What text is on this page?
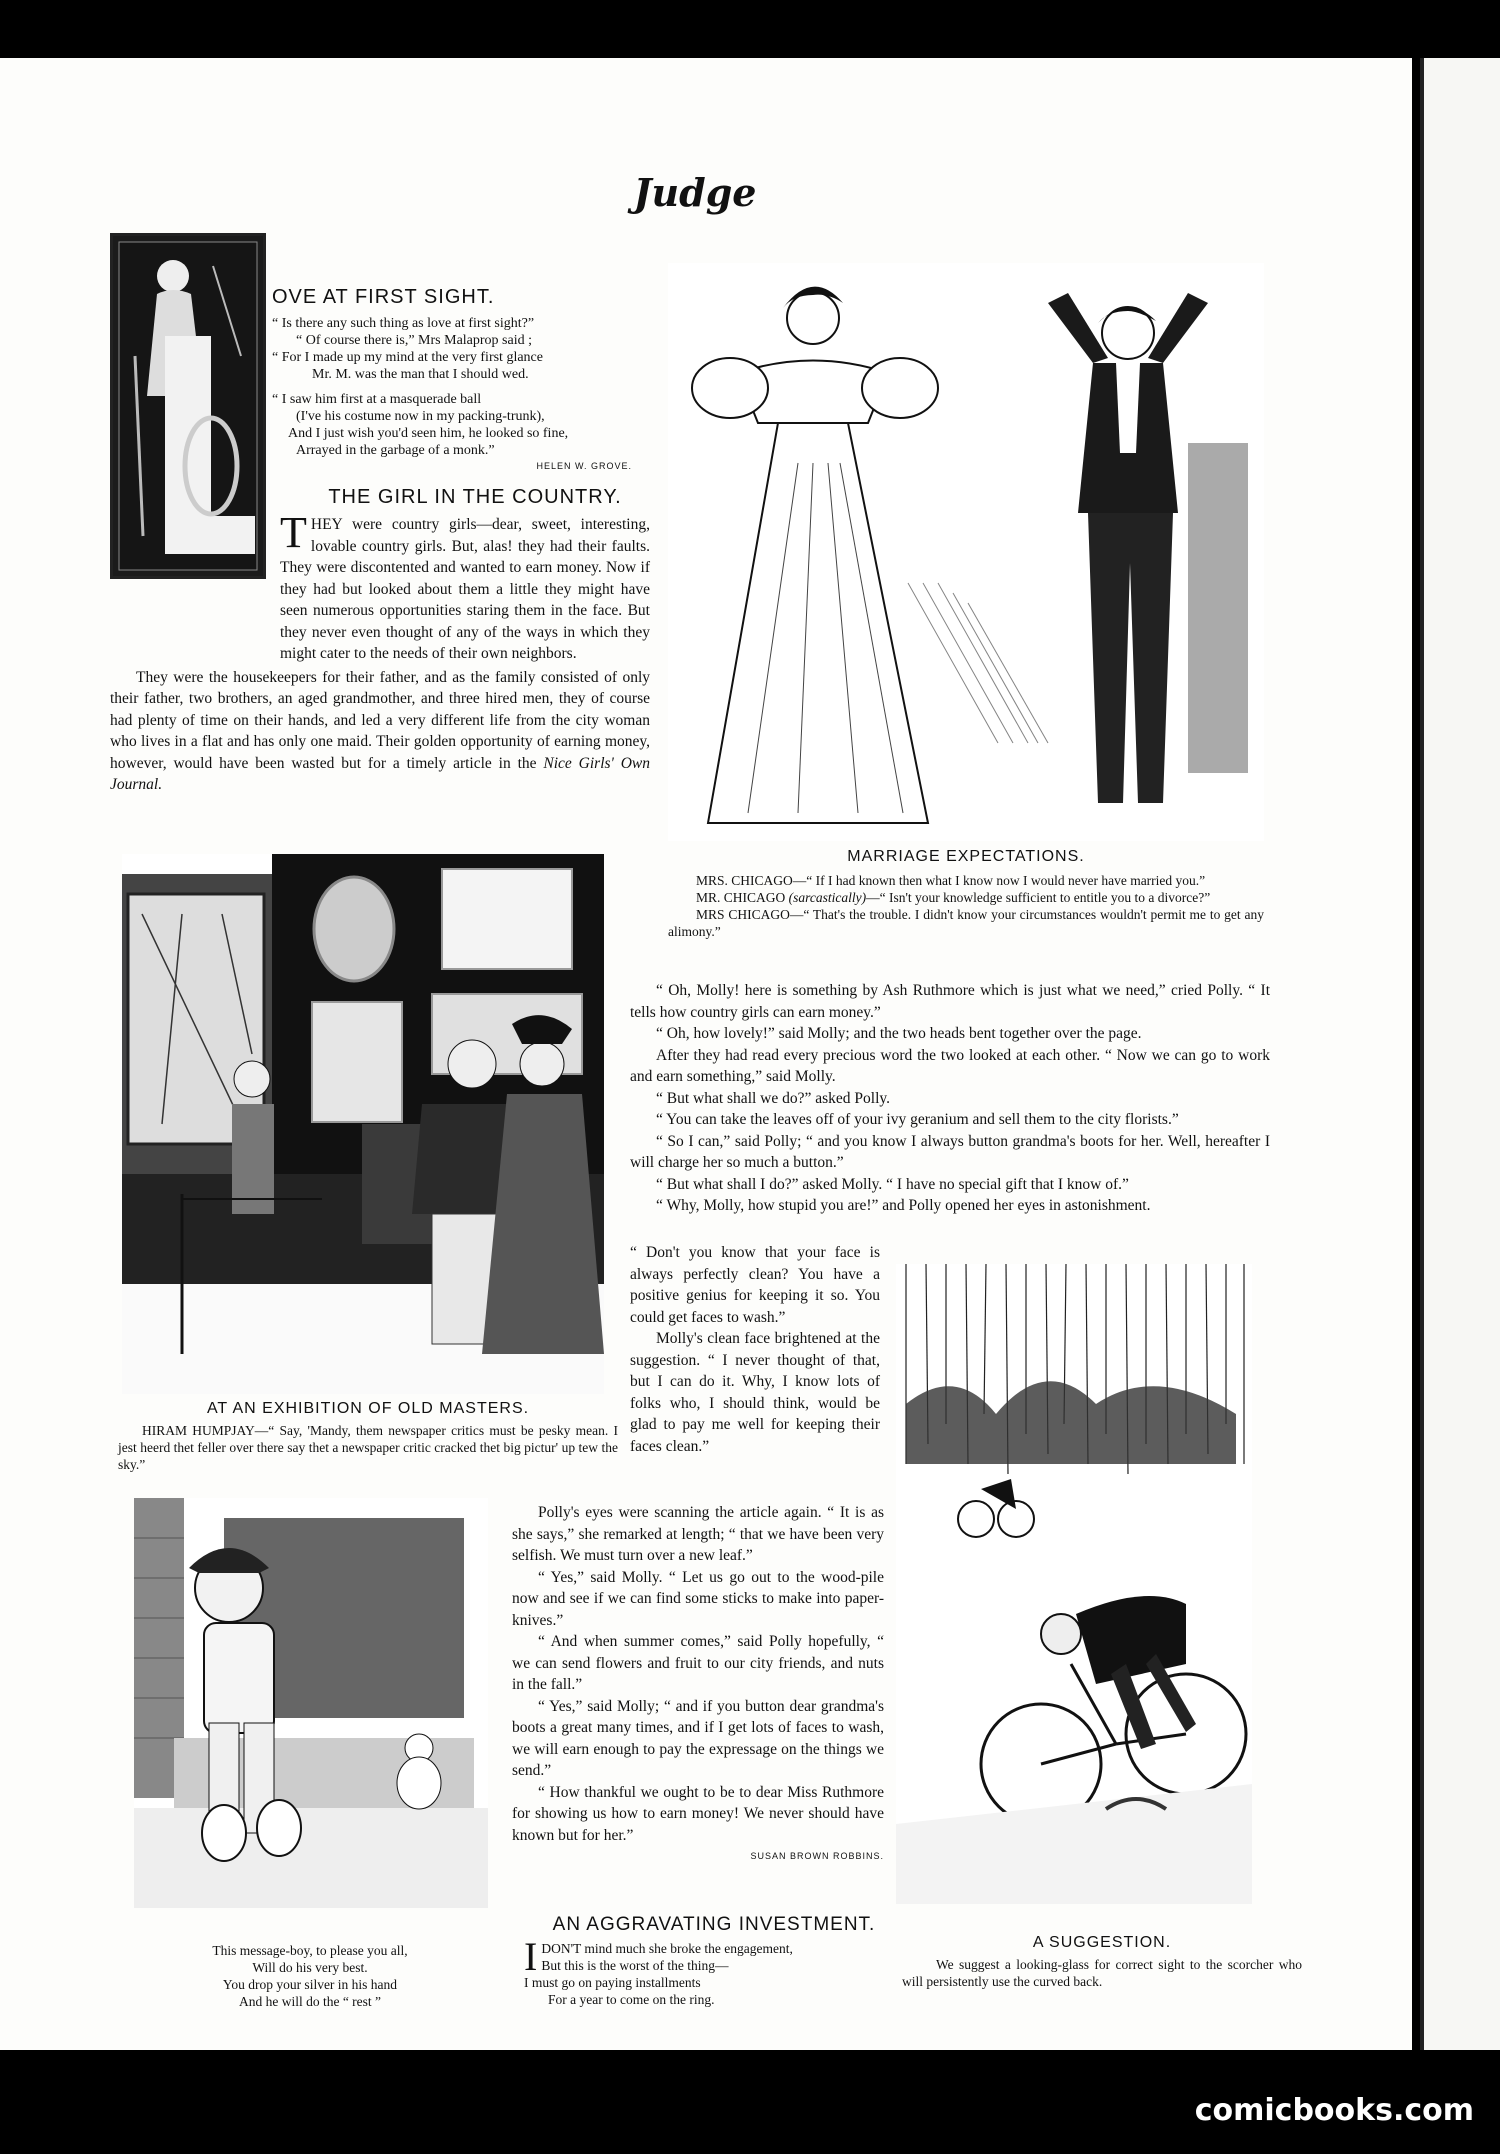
Judge
OVE AT FIRST SIGHT.
“ Is there any such thing as love at first sight?”
“ Of course there is,” Mrs Malaprop said ;
“ For I made up my mind at the very first glance
Mr. M. was the man that I should wed.
“ I saw him first at a masquerade ball
(I've his costume now in my packing-trunk),
And I just wish you'd seen him, he looked so fine,
Arrayed in the garbage of a monk.”
HELEN W. GROVE.
THE GIRL IN THE COUNTRY.
THEY were country girls—dear, sweet, interesting, lovable country girls. But, alas! they had their faults. They were discontented and wanted to earn money. Now if they had but looked about them a little they might have seen numerous opportunities staring them in the face. But they never even thought of any of the ways in which they might cater to the needs of their own neighbors.

They were the housekeepers for their father, and as the family consisted of only their father, two brothers, an aged grandmother, and three hired men, they of course had plenty of time on their hands, and led a very different life from the city woman who lives in a flat and has only one maid. Their golden opportunity of earning money, however, would have been wasted but for a timely article in the Nice Girls' Own Journal.

MARRIAGE EXPECTATIONS.
MRS. CHICAGO—“ If I had known then what I know now I would never have married you.”
MR. CHICAGO (sarcastically)—“ Isn't your knowledge sufficient to entitle you to a divorce?”
MRS CHICAGO—“ That's the trouble. I didn't know your circumstances wouldn't permit me to get any alimony.”
AT AN EXHIBITION OF OLD MASTERS.
HIRAM HUMPJAY—“ Say, 'Mandy, them newspaper critics must be pesky mean. I jest heerd thet feller over there say thet a newspaper critic cracked thet big pictur' up tew the sky.”

“ Oh, Molly! here is something by Ash Ruthmore which is just what we need,” cried Polly. “ It tells how country girls can earn money.”

“ Oh, how lovely!” said Molly; and the two heads bent together over the page.

After they had read every precious word the two looked at each other. “ Now we can go to work and earn something,” said Molly.

“ But what shall we do?” asked Polly.

“ You can take the leaves off of your ivy geranium and sell them to the city florists.”

“ So I can,” said Polly; “ and you know I always button grandma's boots for her. Well, hereafter I will charge her so much a button.”

“ But what shall I do?” asked Molly. “ I have no special gift that I know of.”

“ Why, Molly, how stupid you are!” and Polly opened her eyes in astonishment.

“ Don't you know that your face is always perfectly clean? You have a positive genius for keeping it so. You could get faces to wash.”

Molly's clean face brightened at the suggestion. “ I never thought of that, but I can do it. Why, I know lots of folks who, I should think, would be glad to pay me well for keeping their faces clean.”

Polly's eyes were scanning the article again. “ It is as she says,” she remarked at length; “ that we have been very selfish. We must turn over a new leaf.”

“ Yes,” said Molly. “ Let us go out to the wood-pile now and see if we can find some sticks to make into paper-knives.”

“ And when summer comes,” said Polly hopefully, “ we can send flowers and fruit to our city friends, and nuts in the fall.”

“ Yes,” said Molly; “ and if you button dear grandma's boots a great many times, and if I get lots of faces to wash, we will earn enough to pay the expressage on the things we send.”

“ How thankful we ought to be to dear Miss Ruthmore for showing us how to earn money! We never should have known but for her.”

SUSAN BROWN ROBBINS.
A SUGGESTION.
We suggest a looking-glass for correct sight to the scorcher who will persistently use the curved back.
This message-boy, to please you all,
Will do his very best.
You drop your silver in his hand
And he will do the “ rest ”
AN AGGRAVATING INVESTMENT.
I DON'T mind much she broke the engagement,
But this is the worst of the thing—
I must go on paying installments
For a year to come on the ring.
comicbooks.com
